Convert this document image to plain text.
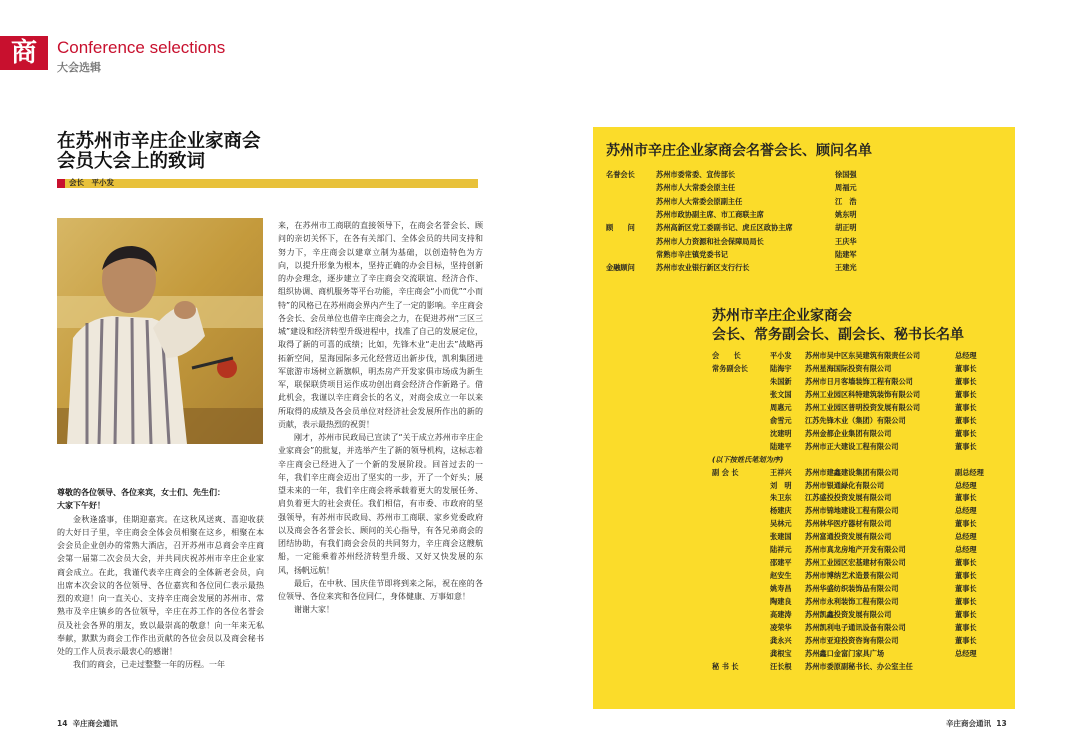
商	Conference selections
大会选辑
在苏州市辛庄企业家商会
会员大会上的致词
会长　平小发

尊敬的各位领导、各位来宾，女士们、先生们：

大家下午好！

金秋逢盛事，佳期迎嘉宾。在这秋风送爽、喜迎收获的大好日子里，辛庄商会全体会员相聚在这乡，相聚在本会会员企业创办的常熟大酒店，召开苏州市总商会辛庄商会第一届第二次会员大会，并共同庆祝苏州市辛庄企业家商会成立。在此，我谨代表辛庄商会的全体新老会员，向出席本次会议的各位领导、各位嘉宾和各位同仁表示最热烈的欢迎！向一直关心、支持辛庄商会发展的苏州市、常熟市及辛庄镇乡的各位领导，辛庄在苏工作的各位名誉会员及社会各界的朋友，致以最崇高的敬意！向一年来无私奉献，默默为商会工作作出贡献的各位会员以及商会秘书处的工作人员表示最衷心的感谢！

我们的商会，已走过整整一年的历程。一年

来，在苏州市工商联的直接领导下，在商会名誉会长、顾问的亲切关怀下，在各有关部门、全体会员的共同支持和努力下，辛庄商会以建章立制为基础，以创造特色为方向，以提升形象为根本，坚持正确的办会目标，坚持创新的办会理念，逐步建立了辛庄商会交流联谊、经济合作、组织协调、商机服务等平台功能，辛庄商会“小而优”“小而特”的风格已在苏州商会界内产生了一定的影响。辛庄商会各会长、会员单位也借辛庄商会之力，在促进苏州“三区三城”建设和经济转型升级进程中，找准了自己的发展定位，取得了新的可喜的成绩；比如，先锋木业“走出去”战略再拓新空间，星海园际多元化经营迈出新步伐，凯利集团进军旅游市场树立新旗帜，明杰房产开发家俱市场成为新生军，联保联贷项目运作成功创出商会经济合作新路子。借此机会，我谨以辛庄商会长的名义，对商会成立一年以来所取得的成绩及各会员单位对经济社会发展所作出的新的贡献，表示最热烈的祝贺！

刚才，苏州市民政局已宣读了“关于成立苏州市辛庄企业家商会”的批复，并选举产生了新的领导机构，这标志着辛庄商会已经进入了一个新的发展阶段。回首过去的一年，我们辛庄商会迈出了坚实的一步，开了一个好头；展望未来的一年，我们辛庄商会将承载着更大的发展任务、肩负着更大的社会责任。我们相信，有市委、市政府的坚强领导，有苏州市民政局、苏州市工商联、家乡党委政府以及商会各名誉会长、顾问的关心指导，有各兄弟商会的团结协助，有我们商会会员的共同努力，辛庄商会这艘航船，一定能乘着苏州经济转型升级、又好又快发展的东风，扬帆远航！

最后，在中秋、国庆佳节即将到来之际，祝在座的各位领导、各位来宾和各位同仁，身体健康、万事如意！

谢谢大家！

14 辛庄商会通讯	辛庄商会通讯 13
苏州市辛庄企业家商会名誉会长、顾问名单
名誉会长	苏州市委常委、宣传部长	徐国强
苏州市人大常委会原主任	周福元
苏州市人大常委会原副主任	江　浩
苏州市政协副主席、市工商联主席	姚东明
顾　　问	苏州高新区党工委副书记、虎丘区政协主席	胡正明
苏州市人力资源和社会保障局局长	王庆华
常熟市辛庄镇党委书记	陆建军
金融顾问	苏州市农业银行新区支行行长	王建光
苏州市辛庄企业家商会
会长、常务副会长、副会长、秘书长名单
会　　长	平小发 苏州市吴中区东吴建筑有限责任公司	总经理
常务副会长	陆海宇 苏州星海国际投资有限公司	董事长
朱国新 苏州市日月客墙装饰工程有限公司	董事长
张文国 苏州工业园区科特建筑装饰有限公司	董事长
周惠元 苏州工业园区普明投资发展有限公司	董事长
俞雪元 江苏先锋木业（集团）有限公司	董事长
沈建明 苏州金都企业集团有限公司	董事长
陆建平 苏州市正大建设工程有限公司	董事长
(以下按姓氏笔划为序)
副 会 长	王祥兴 苏州市建鑫建设集团有限公司	副总经理
刘　明 苏州市银通緑化有限公司	总经理
朱卫东 江苏盛投投资发展有限公司	董事长
杨建庆 苏州市锦地建设工程有限公司	总经理
吴林元 苏州林华医疗器材有限公司	董事长
张建国 苏州富通投资发展有限公司	总经理
陆祥元 苏州市真龙房地产开发有限公司	总经理
邵建平 苏州工业园区宏基建材有限公司	董事长
赵安生 苏州市博纳艺术造景有限公司	董事长
姚寿昌 苏州华盛纺织装饰品有限公司	董事长
陶建良 苏州市永利装饰工程有限公司	董事长
高建涛 苏州凯鑫投资发展有限公司	董事长
凌荣华 苏州凯利电子通讯设备有限公司	董事长
龚永兴 苏州市亚迎投资咨询有限公司	董事长
龚根宝 苏州鑫口金富门家具广场	总经理
秘 书 长	汪长根 苏州市委原副秘书长、办公室主任
